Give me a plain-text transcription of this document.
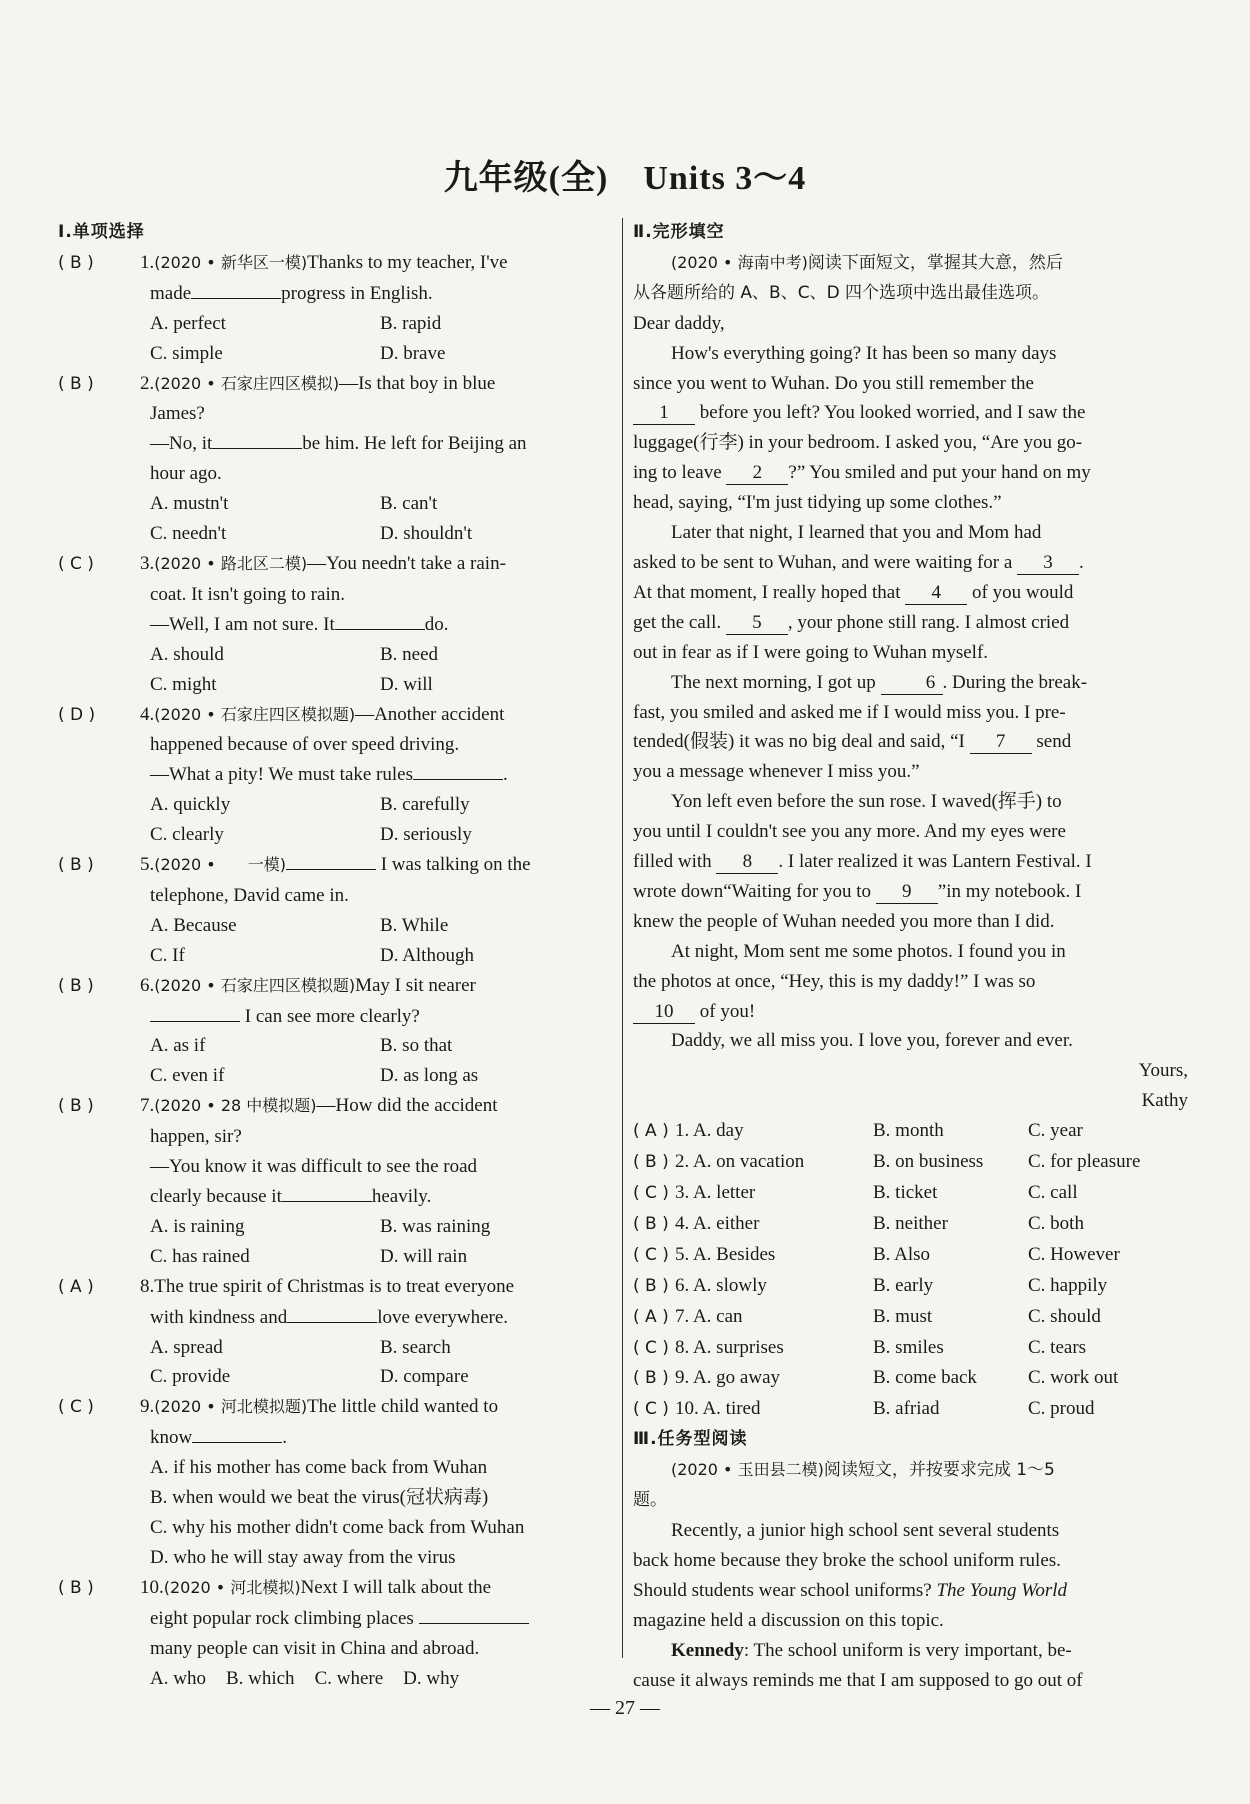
九年级(全)　Units 3～4
Ⅰ.单项选择
( B )	1.(2020 • 新华区一模)Thanks to my teacher, I've
made	progress in English.
A. perfect	B. rapid
C. simple	D. brave
( B )	2.(2020 • 石家庄四区模拟)—Is that boy in blue
James?
—No, it	be him. He left for Beijing an
hour ago.
A. mustn't	B. can't
C. needn't	D. shouldn't
( C )	3.(2020 • 路北区二模)—You needn't take a rain-
coat. It isn't going to rain.
—Well, I am not sure. It	do.
A. should	B. need
C. might	D. will
( D )	4.(2020 • 石家庄四区模拟题)—Another accident
happened because of over speed driving.
—What a pity! We must take rules	.
A. quickly	B. carefully
C. clearly	D. seriously
( B )	5.(2020 •　　一模)	I was talking on the
telephone, David came in.
A. Because	B. While
C. If	D. Although
( B )	6.(2020 • 石家庄四区模拟题)May I sit nearer
I can see more clearly?
A. as if	B. so that
C. even if	D. as long as
( B )	7.(2020 • 28 中模拟题)—How did the accident
happen, sir?
—You know it was difficult to see the road
clearly because it	heavily.
A. is raining	B. was raining
C. has rained	D. will rain
( A )	8.The true spirit of Christmas is to treat everyone
with kindness and	love everywhere.
A. spread	B. search
C. provide	D. compare
( C )	9.(2020 • 河北模拟题)The little child wanted to
know	.
A. if his mother has come back from Wuhan
B. when would we beat the virus(冠状病毒)
C. why his mother didn't come back from Wuhan
D. who he will stay away from the virus
( B )	10.(2020 • 河北模拟)Next I will talk about the
eight popular rock climbing places
many people can visit in China and abroad.
A. who B. which C. where D. why
Ⅱ.完形填空

(2020 • 海南中考)阅读下面短文，掌握其大意，然后

从各题所给的 A、B、C、D 四个选项中选出最佳选项。

Dear daddy,

How's everything going? It has been so many days

since you went to Wuhan. Do you still remember the

1 before you left? You looked worried, and I saw the

luggage(行李) in your bedroom. I asked you, “Are you go-

ing to leave 2 ?” You smiled and put your hand on my

head, saying, “I'm just tidying up some clothes.”

Later that night, I learned that you and Mom had

asked to be sent to Wuhan, and were waiting for a 3 .

At that moment, I really hoped that 4 of you would

get the call. 5 , your phone still rang. I almost cried

out in fear as if I were going to Wuhan myself.

The next morning, I got up	6 . During the break-

fast, you smiled and asked me if I would miss you. I pre-

tended(假装) it was no big deal and said, “I 7 send

you a message whenever I miss you.”

Yon left even before the sun rose. I waved(挥手) to

you until I couldn't see you any more. And my eyes were

filled with 8 . I later realized it was Lantern Festival. I

wrote down“Waiting for you to 9 ”in my notebook. I

knew the people of Wuhan needed you more than I did.

At night, Mom sent me some photos. I found you in

the photos at once, “Hey, this is my daddy!” I was so

10 of you!

Daddy, we all miss you. I love you, forever and ever.

Yours,

Kathy

( A ) 1. A. day	B. month	C. year
( B ) 2. A. on vacation	B. on business	C. for pleasure
( C ) 3. A. letter	B. ticket	C. call
( B ) 4. A. either	B. neither	C. both
( C ) 5. A. Besides	B. Also	C. However
( B ) 6. A. slowly	B. early	C. happily
( A ) 7. A. can	B. must	C. should
( C ) 8. A. surprises	B. smiles	C. tears
( B ) 9. A. go away	B. come back	C. work out
( C ) 10. A. tired	B. afriad	C. proud
Ⅲ.任务型阅读

(2020 • 玉田县二模)阅读短文，并按要求完成 1～5

题。

Recently, a junior high school sent several students

back home because they broke the school uniform rules.

Should students wear school uniforms? The Young World

magazine held a discussion on this topic.

Kennedy: The school uniform is very important, be-

cause it always reminds me that I am supposed to go out of

— 27 —
